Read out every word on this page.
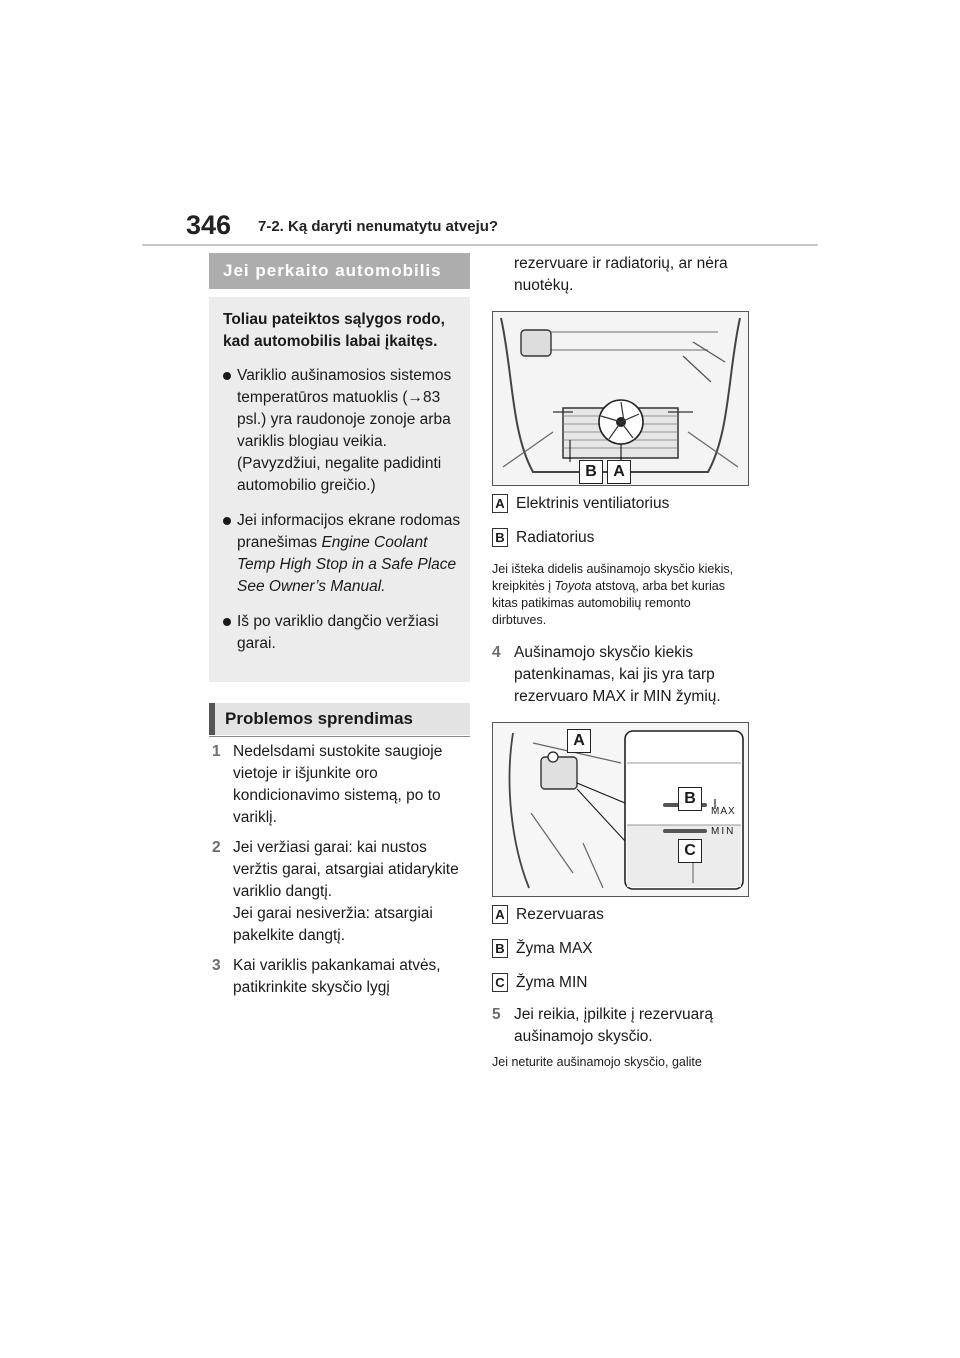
346 7-2. Ką daryti nenumatytu atveju?
Jei perkaito automobilis
Toliau pateiktos sąlygos rodo, kad automobilis labai įkaitęs.
Variklio aušinamosios sistemos temperatūros matuoklis (→83 psl.) yra raudonoje zonoje arba variklis blogiau veikia. (Pavyzdžiui, negalite padidinti automobilio greičio.)
Jei informacijos ekrane rodomas pranešimas Engine Coolant Temp High Stop in a Safe Place See Owner’s Manual.
Iš po variklio dangčio veržiasi garai.
Problemos sprendimas
1 Nedelsdami sustokite saugioje vietoje ir išjunkite oro kondicionavimo sistemą, po to variklį.
2 Jei veržiasi garai: kai nustos veržtis garai, atsargiai atidarykite variklio dangtį.
Jei garai nesiveržia: atsargiai pakelkite dangtį.
3 Kai variklis pakankamai atvės, patikrinkite skysčio lygį
rezervuare ir radiatorių, ar nėra nuotėkų.
B	A
A Elektrinis ventiliatorius
B Radiatorius
Jei išteka didelis aušinamojo skysčio kiekis, kreipkitės į Toyota atstovą, arba bet kurias kitas patikimas automobilių remonto dirbtuves.
4 Aušinamojo skysčio kiekis patenkinamas, kai jis yra tarp rezervuaro MAX ir MIN žymių.
MAX
MIN
A
B
C
A Rezervuaras
B Žyma MAX
C Žyma MIN
5 Jei reikia, įpilkite į rezervuarą aušinamojo skysčio.
Jei neturite aušinamojo skysčio, galite
